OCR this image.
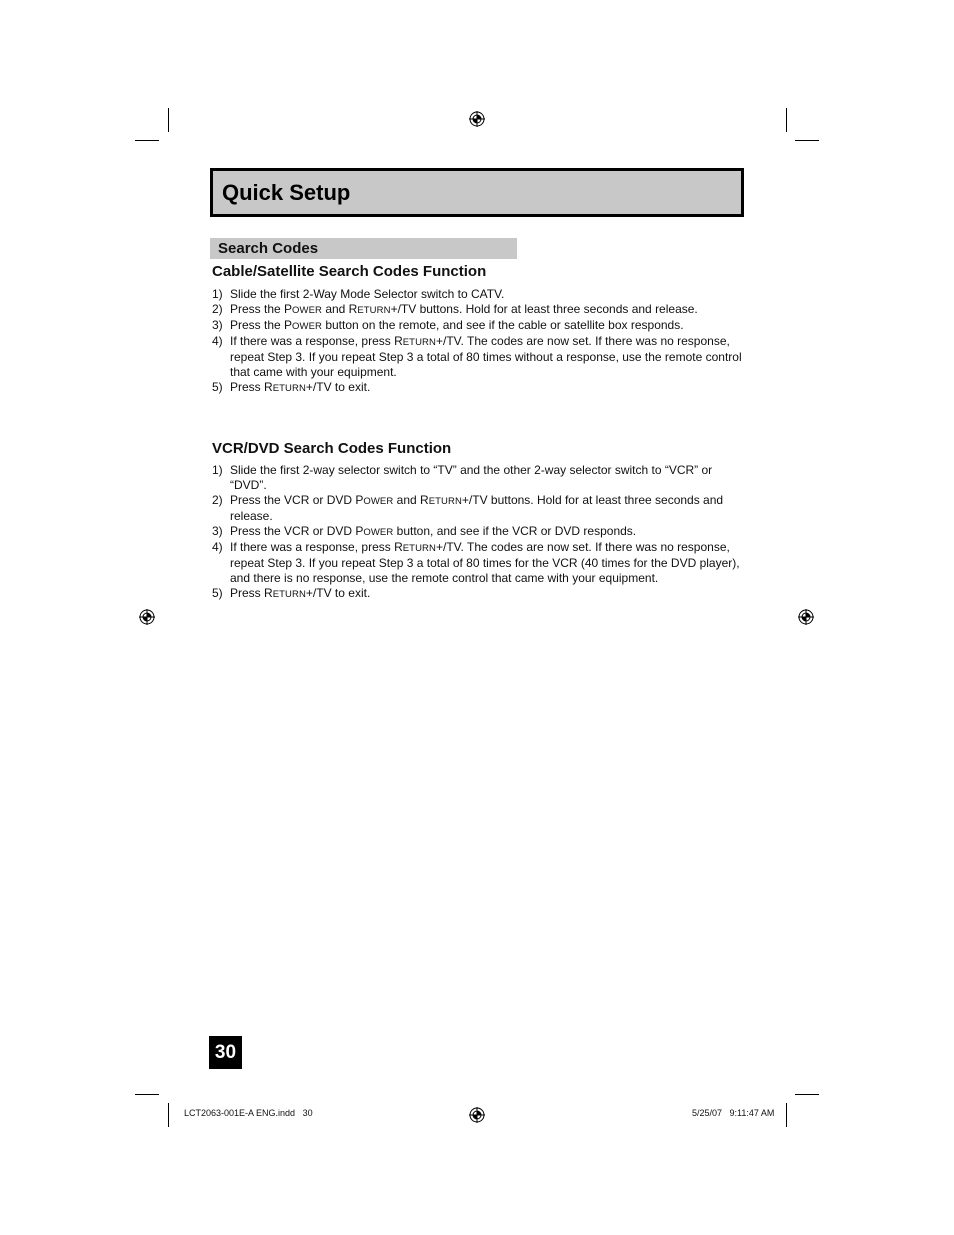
Quick Setup
Search Codes
Cable/Satellite Search Codes Function
1) Slide the first 2-Way Mode Selector switch to CATV.
2) Press the POWER and RETURN+/TV buttons. Hold for at least three seconds and release.
3) Press the POWER button on the remote, and see if the cable or satellite box responds.
4) If there was a response, press RETURN+/TV. The codes are now set. If there was no response, repeat Step 3. If you repeat Step 3 a total of 80 times without a response, use the remote control that came with your equipment.
5) Press RETURN+/TV to exit.
VCR/DVD Search Codes Function
1) Slide the first 2-way selector switch to “TV” and the other 2-way selector switch to “VCR” or “DVD”.
2) Press the VCR or DVD POWER and RETURN+/TV buttons. Hold for at least three seconds and release.
3) Press the VCR or DVD POWER button, and see if the VCR or DVD responds.
4) If there was a response, press RETURN+/TV. The codes are now set. If there was no response, repeat Step 3. If you repeat Step 3 a total of 80 times for the VCR (40 times for the DVD player), and there is no response, use the remote control that came with your equipment.
5) Press RETURN+/TV to exit.
30
LCT2063-001E-A ENG.indd   30	5/25/07   9:11:47 AM
